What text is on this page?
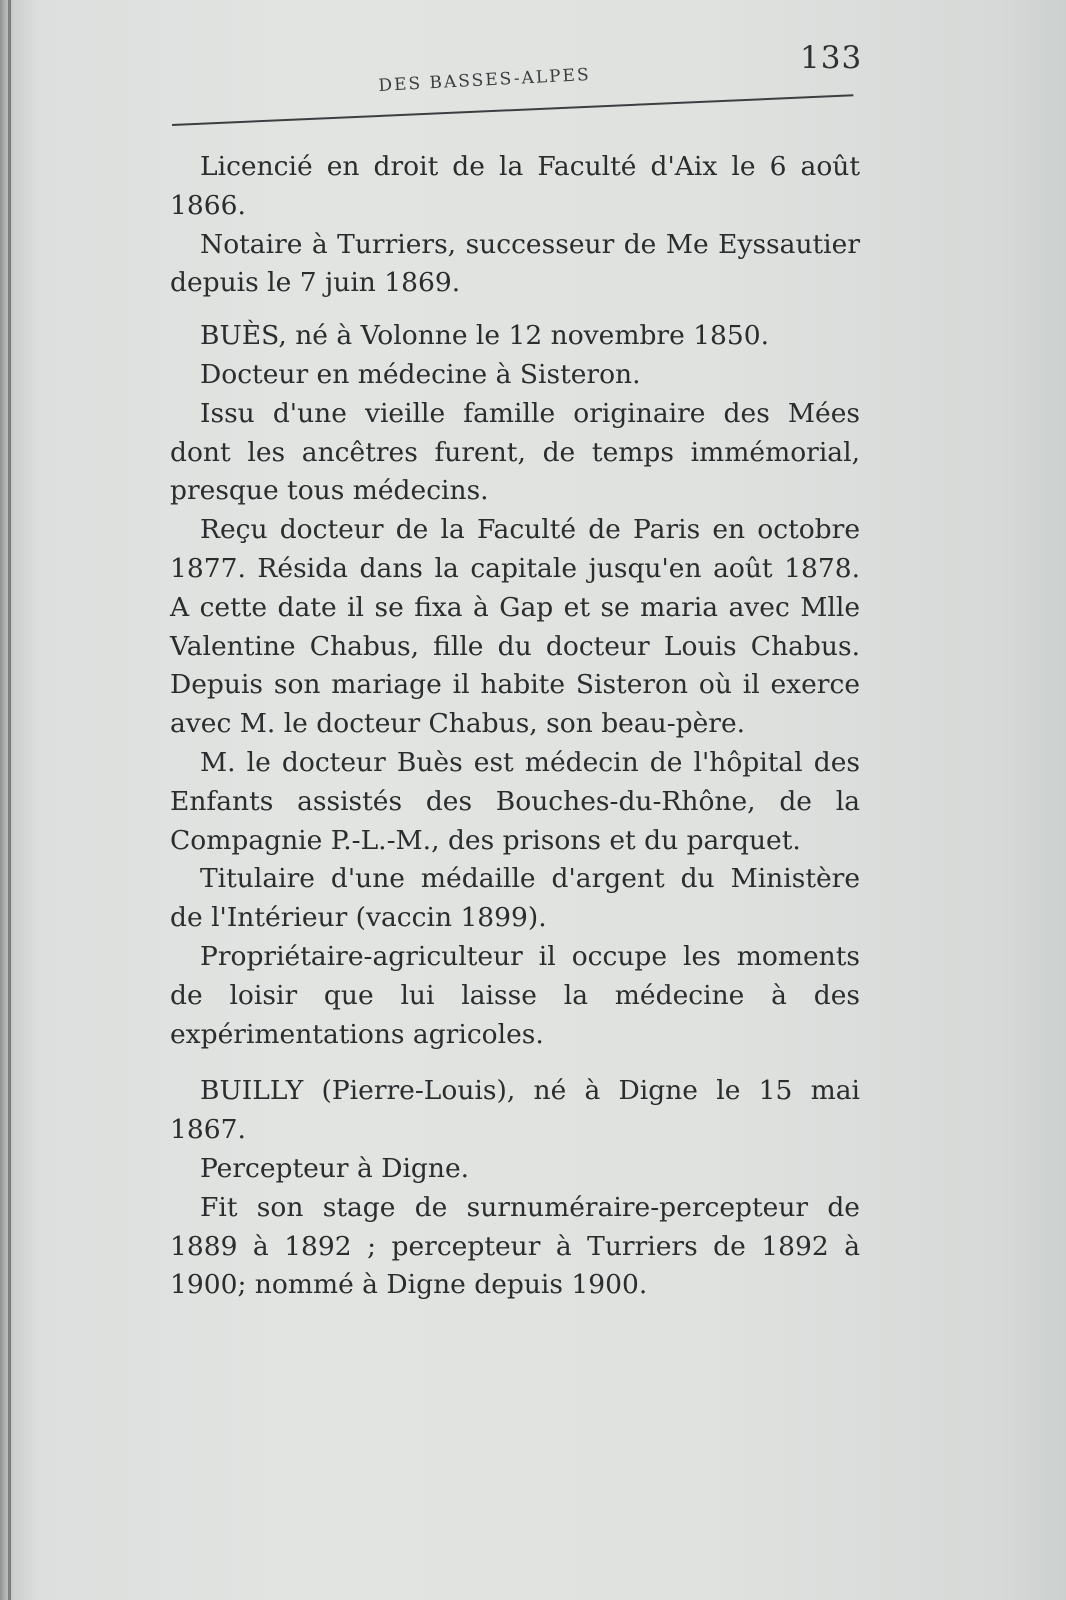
DES BASSES-ALPES
133

Licencié en droit de la Faculté d'Aix le 6 août 1866.

Notaire à Turriers, successeur de Me Eyssautier depuis le 7 juin 1869.

BUÈS, né à Volonne le 12 novembre 1850.

Docteur en médecine à Sisteron.

Issu d'une vieille famille originaire des Mées dont les ancêtres furent, de temps immémorial, presque tous médecins.

Reçu docteur de la Faculté de Paris en octobre 1877. Résida dans la capitale jusqu'en août 1878. A cette date il se fixa à Gap et se maria avec Mlle Valentine Chabus, fille du docteur Louis Chabus. Depuis son mariage il habite Sisteron où il exerce avec M. le docteur Chabus, son beau-père.

M. le docteur Buès est médecin de l'hôpital des Enfants assistés des Bouches-du-Rhône, de la Compagnie P.-L.-M., des prisons et du parquet.

Titulaire d'une médaille d'argent du Ministère de l'Intérieur (vaccin 1899).

Propriétaire-agriculteur il occupe les moments de loisir que lui laisse la médecine à des expérimentations agricoles.

BUILLY (Pierre-Louis), né à Digne le 15 mai 1867.

Percepteur à Digne.

Fit son stage de surnuméraire-percepteur de 1889 à 1892 ; percepteur à Turriers de 1892 à 1900; nommé à Digne depuis 1900.
